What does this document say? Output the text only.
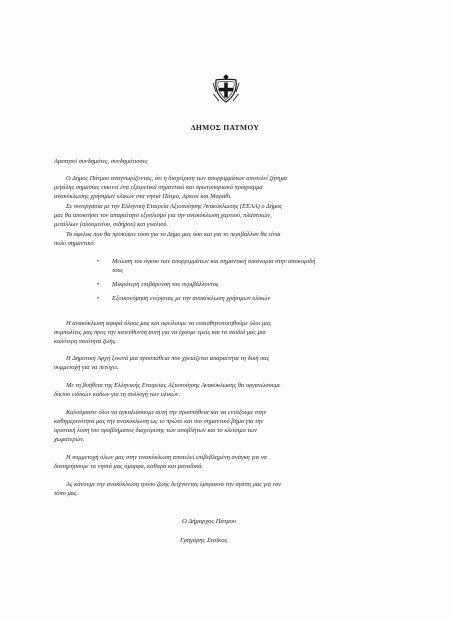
ΔΗΜΟΣ ΠΑΤΜΟΥ
Αγαπητοί συνδημότες, συνδημότισσες
Ο Δήμος Πάτμου αναγνωρίζοντας, ότι η διαχείριση των απορριμμάτων αποτελεί ζήτημα
μεγάλης σημασίας εκκινεί ένα εξαιρετικά σημαντικό και πρωτοποριακό πρόγραμμα
ανακύκλωσης χρήσιμων υλικών στα νησιά Πάτμο, Αρκιοί και Μαράθι.
Σε συνεργασία με την Ελληνική Εταιρεία Αξιοποίησης Ανακύκλωσης (ΕΕΑΑ) ο Δήμος
μας θα αποκτήσει τον απαραίτητο εξοπλισμό για την ανακύκλωση χαρτιού, πλαστικών,
μετάλλων (αλουμινίου, σιδήρου) και γυαλιού.
Το όφελος που θα προκύψει τόσο για το Δήμο μας όσο και για το περιβάλλον θα είναι
πολύ σημαντικό:
• Μείωση του όγκου των απορριμμάτων και σημαντική οικονομία στην αποκομιδή
τους
• Μικρότερη επιβάρυνση του περιβάλλοντος
• Εξοικονόμηση ενέργειας με την ανακύκλωση χρήσιμων υλικών
Η ανακύκλωση αφορά όλους μας και οφείλουμε να ευαισθητοποιηθούμε όλοι μας
συμπολίτες μας προς την κατεύθυνση αυτή για να έχουμε εμείς και τα παιδιά μας μια
καλύτερη ποιότητα ζωής.
Η Δημοτική Αρχή ξεκινά μια προσπάθεια που χρειάζεται απαραίτητα τη δική σας
συμμετοχή για να πετύχει.
Με τη βοήθεια της Ελληνικής Εταιρείας Αξιοποίησης Ανακύκλωσης θα οργανώσουμε
δίκτυο ειδικών κάδων για τη συλλογή των υλικών.
Καλούμαστε όλοι να αγκαλιάσουμε αυτή την προσπάθεια και να εντάξουμε στην
καθημερινότητά μας την ανακύκλωση ως το πρώτο και πιο σημαντικό βήμα για την
οριστική λύση του προβλήματος διαχείρισης των αποβλήτων και το κλείσιμο των
χωματερών.
Η συμμετοχή όλων μας στην ανακύκλωση αποτελεί επιβεβλημένη ανάγκη για να
διατηρήσουμε τα νησιά μας όμορφα, καθαρά και μοναδικά.
Ας κάνουμε την ανακύκλωση τρόπο ζωής δείχνοντας έμπρακτα την αγάπη μας για τον
τόπο μας.
Ο Δήμαρχος Πάτμου
Γρηγόρης Στοϊκος
